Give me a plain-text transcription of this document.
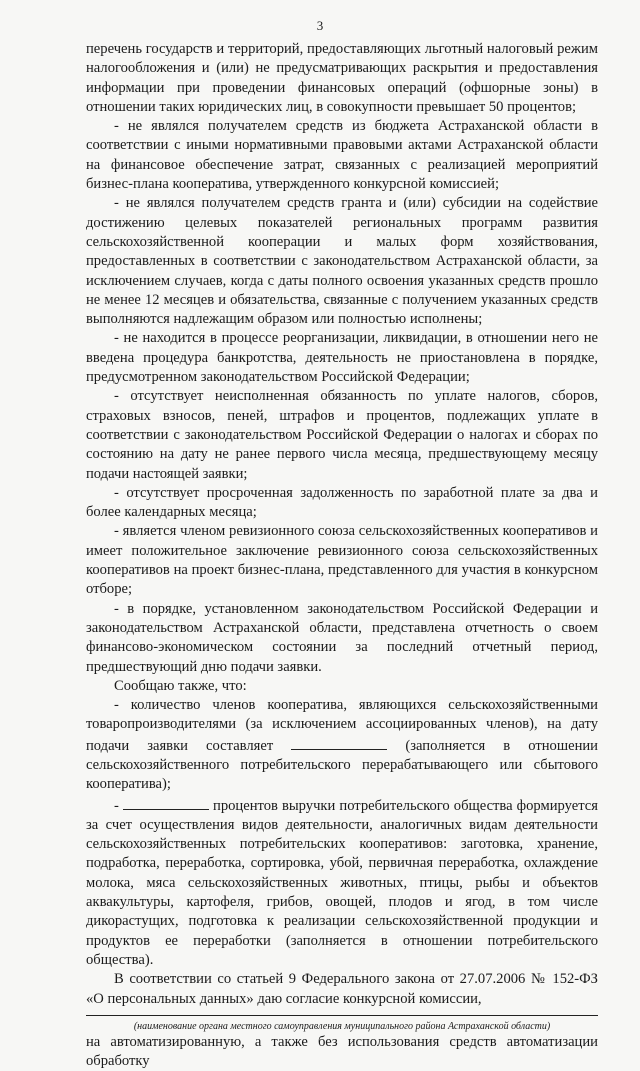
3

перечень государств и территорий, предоставляющих льготный налоговый режим налогообложения и (или) не предусматривающих раскрытия и предоставления информации при проведении финансовых операций (офшорные зоны) в отношении таких юридических лиц, в совокупности превышает 50 процентов;

- не являлся получателем средств из бюджета Астраханской области в соответствии с иными нормативными правовыми актами Астраханской области на финансовое обеспечение затрат, связанных с реализацией мероприятий бизнес-плана кооператива, утвержденного конкурсной комиссией;

- не являлся получателем средств гранта и (или) субсидии на содействие достижению целевых показателей региональных программ развития сельскохозяйственной кооперации и малых форм хозяйствования, предоставленных в соответствии с законодательством Астраханской области, за исключением случаев, когда с даты полного освоения указанных средств прошло не менее 12 месяцев и обязательства, связанные с получением указанных средств выполняются надлежащим образом или полностью исполнены;

- не находится в процессе реорганизации, ликвидации, в отношении него не введена процедура банкротства, деятельность не приостановлена в порядке, предусмотренном законодательством Российской Федерации;

- отсутствует неисполненная обязанность по уплате налогов, сборов, страховых взносов, пеней, штрафов и процентов, подлежащих уплате в соответствии с законодательством Российской Федерации о налогах и сборах по состоянию на дату не ранее первого числа месяца, предшествующему месяцу подачи настоящей заявки;

- отсутствует просроченная задолженность по заработной плате за два и более календарных месяца;

- является членом ревизионного союза сельскохозяйственных кооперативов и имеет положительное заключение ревизионного союза сельскохозяйственных кооперативов на проект бизнес-плана, представленного для участия в конкурсном отборе;

- в порядке, установленном законодательством Российской Федерации и законодательством Астраханской области, представлена отчетность о своем финансово-экономическом состоянии за последний отчетный период, предшествующий дню подачи заявки.

Сообщаю также, что:

- количество членов кооператива, являющихся сельскохозяйственными товаропроизводителями (за исключением ассоциированных членов), на дату подачи заявки составляет	(заполняется в отношении сельскохозяйственного потребительского перерабатывающего или сбытового кооператива);

-	процентов выручки потребительского общества формируется за счет осуществления видов деятельности, аналогичных видам деятельности сельскохозяйственных потребительских кооперативов: заготовка, хранение, подработка, переработка, сортировка, убой, первичная переработка, охлаждение молока, мяса сельскохозяйственных животных, птицы, рыбы и объектов аквакультуры, картофеля, грибов, овощей, плодов и ягод, в том числе дикорастущих, подготовка к реализации сельскохозяйственной продукции и продуктов ее переработки (заполняется в отношении потребительского общества).

В соответствии со статьей 9 Федерального закона от 27.07.2006 № 152-ФЗ «О персональных данных» даю согласие конкурсной комиссии,

(наименование органа местного самоуправления муниципального района Астраханской области)

на автоматизированную, а также без использования средств автоматизации обработку
